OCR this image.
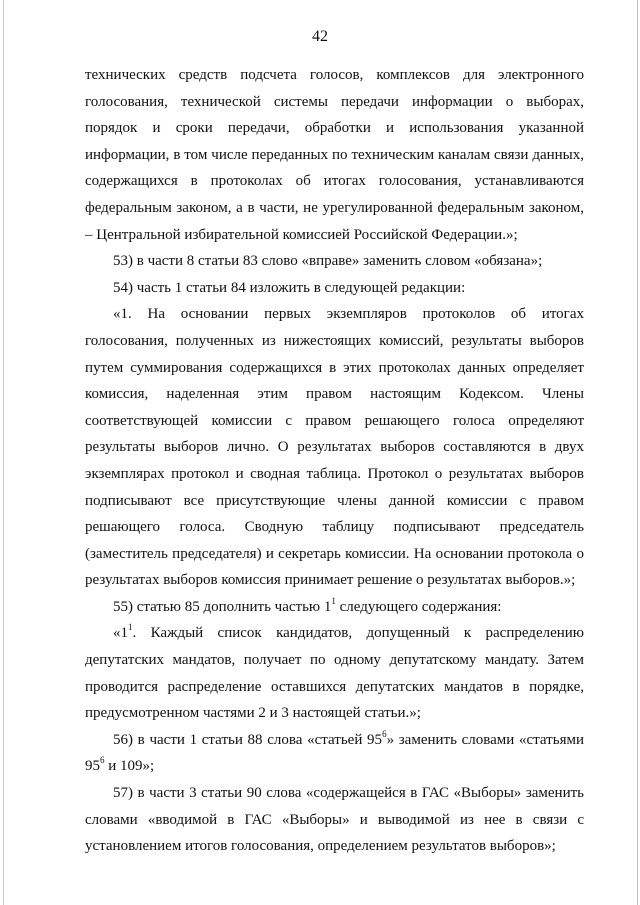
42

технических средств подсчета голосов, комплексов для электронного голосования, технической системы передачи информации о выборах, порядок и сроки передачи, обработки и использования указанной информации, в том числе переданных по техническим каналам связи данных, содержащихся в протоколах об итогах голосования, устанавливаются федеральным законом, а в части, не урегулированной федеральным законом, – Центральной избирательной комиссией Российской Федерации.»;

53) в части 8 статьи 83 слово «вправе» заменить словом «обязана»;

54) часть 1 статьи 84 изложить в следующей редакции:

«1. На основании первых экземпляров протоколов об итогах голосования, полученных из нижестоящих комиссий, результаты выборов путем суммирования содержащихся в этих протоколах данных определяет комиссия, наделенная этим правом настоящим Кодексом. Члены соответствующей комиссии с правом решающего голоса определяют результаты выборов лично. О результатах выборов составляются в двух экземплярах протокол и сводная таблица. Протокол о результатах выборов подписывают все присутствующие члены данной комиссии с правом решающего голоса. Сводную таблицу подписывают председатель (заместитель председателя) и секретарь комиссии. На основании протокола о результатах выборов комиссия принимает решение о результатах выборов.»;

55) статью 85 дополнить частью $1^1$ следующего содержания:

«$1^1$. Каждый список кандидатов, допущенный к распределению депутатских мандатов, получает по одному депутатскому мандату. Затем проводится распределение оставшихся депутатских мандатов в порядке, предусмотренном частями 2 и 3 настоящей статьи.»;

56) в части 1 статьи 88 слова «статьей $95^6$» заменить словами «статьями $95^6$ и 109»;

57) в части 3 статьи 90 слова «содержащейся в ГАС «Выборы» заменить словами «вводимой в ГАС «Выборы» и выводимой из нее в связи с установлением итогов голосования, определением результатов выборов»;
